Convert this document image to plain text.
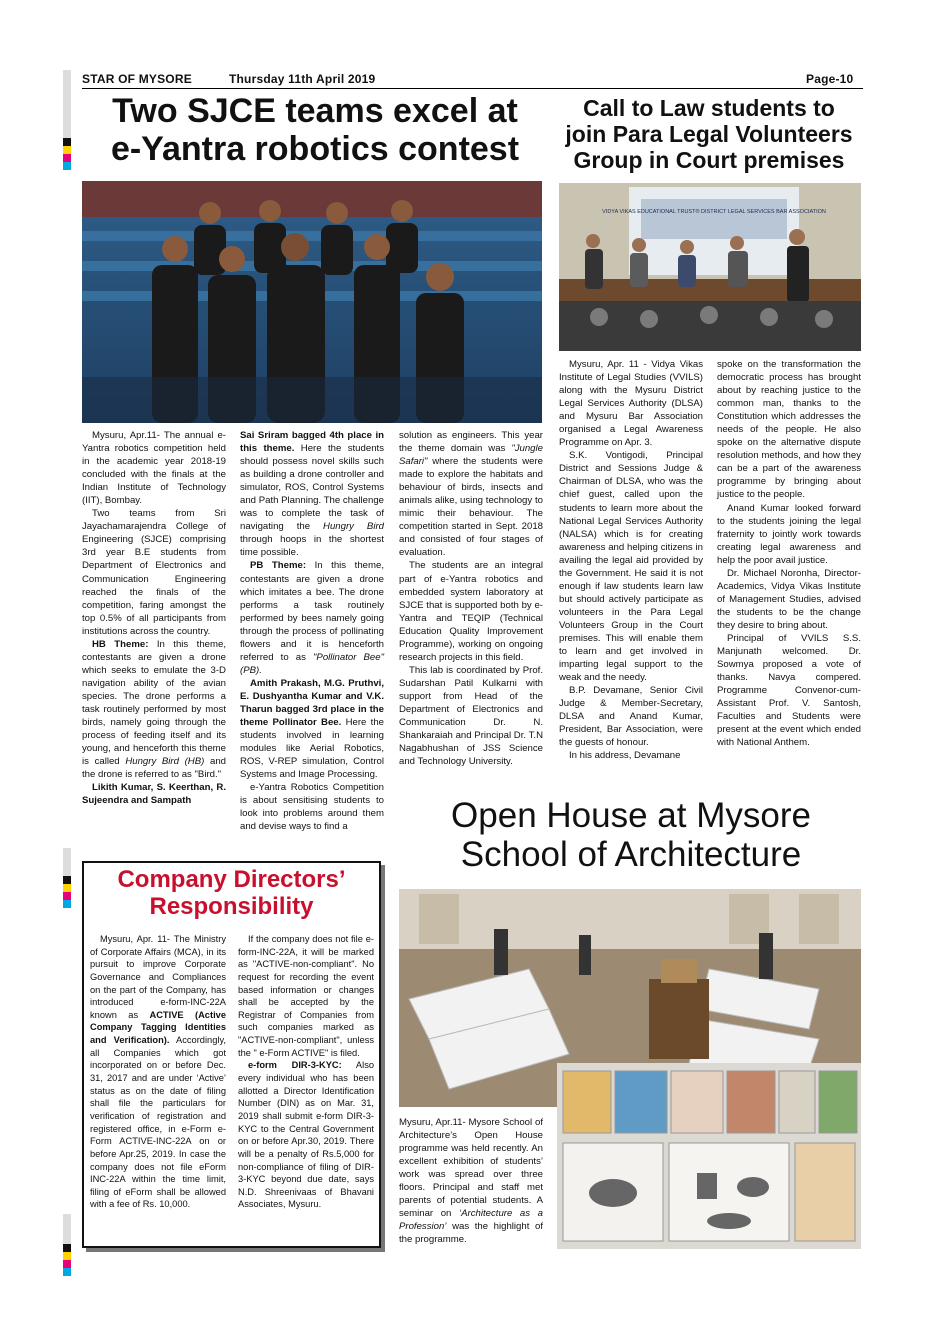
STAR OF MYSORE	Thursday 11th April 2019	Page-10
Two SJCE teams excel at
e-Yantra robotics contest

Mysuru, Apr.11- The annual e-Yantra robotics competition held in the academic year 2018-19 concluded with the finals at the Indian Institute of Technology (IIT), Bombay.

Two teams from Sri Jayachamarajendra College of Engineering (SJCE) comprising 3rd year B.E students from Department of Electronics and Communication Engineering reached the finals of the competition, faring amongst the top 0.5% of all participants from institutions across the country.

HB Theme: In this theme, contestants are given a drone which seeks to emulate the 3-D navigation ability of the avian species. The drone performs a task routinely performed by most birds, namely going through the process of feeding itself and its young, and henceforth this theme is called Hungry Bird (HB) and the drone is referred to as "Bird."

Likith Kumar, S. Keerthan, R. Sujeendra and Sampath

Sai Sriram bagged 4th place in this theme. Here the students should possess novel skills such as building a drone controller and simulator, ROS, Control Systems and Path Planning. The challenge was to complete the task of navigating the Hungry Bird through hoops in the shortest time possible.

PB Theme: In this theme, contestants are given a drone which imitates a bee. The drone performs a task routinely performed by bees namely going through the process of pollinating flowers and it is henceforth referred to as "Pollinator Bee" (PB).

Amith Prakash, M.G. Pruthvi, E. Dushyantha Kumar and V.K. Tharun bagged 3rd place in the theme Pollinator Bee. Here the students involved in learning modules like Aerial Robotics, ROS, V-REP simulation, Control Systems and Image Processing.

e-Yantra Robotics Competition is about sensitising students to look into problems around them and devise ways to find a

solution as engineers. This year the theme domain was "Jungle Safari" where the students were made to explore the habitats and behaviour of birds, insects and animals alike, using technology to mimic their behaviour. The competition started in Sept. 2018 and consisted of four stages of evaluation.

The students are an integral part of e-Yantra robotics and embedded system laboratory at SJCE that is supported both by e-Yantra and TEQIP (Technical Education Quality Improvement Programme), working on ongoing research projects in this field.

This lab is coordinated by Prof. Sudarshan Patil Kulkarni with support from Head of the Department of Electronics and Communication Dr. N. Shankaraiah and Principal Dr. T.N Nagabhushan of JSS Science and Technology University.

Call to Law students to
join Para Legal Volunteers
Group in Court premises
VIDYA VIKAS EDUCATIONAL TRUST® DISTRICT LEGAL SERVICES BAR ASSOCIATION

Mysuru, Apr. 11 - Vidya Vikas Institute of Legal Studies (VVILS) along with the Mysuru District Legal Services Authority (DLSA) and Mysuru Bar Association organised a Legal Awareness Programme on Apr. 3.

S.K. Vontigodi, Principal District and Sessions Judge & Chairman of DLSA, who was the chief guest, called upon the students to learn more about the National Legal Services Authority (NALSA) which is for creating awareness and helping citizens in availing the legal aid provided by the Government. He said it is not enough if law students learn law but should actively participate as volunteers in the Para Legal Volunteers Group in the Court premises. This will enable them to learn and get involved in imparting legal support to the weak and the needy.

B.P. Devamane, Senior Civil Judge & Member-Secretary, DLSA and Anand Kumar, President, Bar Association, were the guests of honour.

In his address, Devamane

spoke on the transformation the democratic process has brought about by reaching justice to the common man, thanks to the Constitution which addresses the needs of the people. He also spoke on the alternative dispute resolution methods, and how they can be a part of the awareness programme by bringing about justice to the people.

Anand Kumar looked forward to the students joining the legal fraternity to jointly work towards creating legal awareness and help the poor avail justice.

Dr. Michael Noronha, Director-Academics, Vidya Vikas Institute of Management Studies, advised the students to be the change they desire to bring about.

Principal of VVILS S.S. Manjunath welcomed. Dr. Sowmya proposed a vote of thanks. Navya compered. Programme Convenor-cum-Assistant Prof. V. Santosh, Faculties and Students were present at the event which ended with National Anthem.

Company Directors’
Responsibility

Mysuru, Apr. 11- The Ministry of Corporate Affairs (MCA), in its pursuit to improve Corporate Governance and Compliances on the part of the Company, has introduced e-form-INC-22A known as ACTIVE (Active Company Tagging Identities and Verification). Accordingly, all Companies which got incorporated on or before Dec. 31, 2017 and are under ‘Active’ status as on the date of filing shall file the particulars for verification of registration and registered office, in e-Form e-Form ACTIVE-INC-22A on or before Apr.25, 2019. In case the company does not file eForm INC-22A within the time limit, filing of eForm shall be allowed with a fee of Rs. 10,000.

If the company does not file e-form-INC-22A, it will be marked as "ACTIVE-non-compliant". No request for recording the event based information or changes shall be accepted by the Registrar of Companies from such companies marked as "ACTIVE-non-compliant", unless the " e-Form ACTIVE" is filed.

e-form DIR-3-KYC: Also every individual who has been allotted a Director Identification Number (DIN) as on Mar. 31, 2019 shall submit e-form DIR-3-KYC to the Central Government on or before Apr.30, 2019. There will be a penalty of Rs.5,000 for non-compliance of filing of DIR-3-KYC beyond due date, says N.D. Shreenivaas of Bhavani Associates, Mysuru.

Open House at Mysore
School of Architecture
Mysuru, Apr.11- Mysore School of Architecture’s Open House programme was held recently. An excellent exhibition of students’ work was spread over three floors. Principal and staff met parents of potential students. A seminar on ‘Architecture as a Profession’ was the highlight of the programme.
